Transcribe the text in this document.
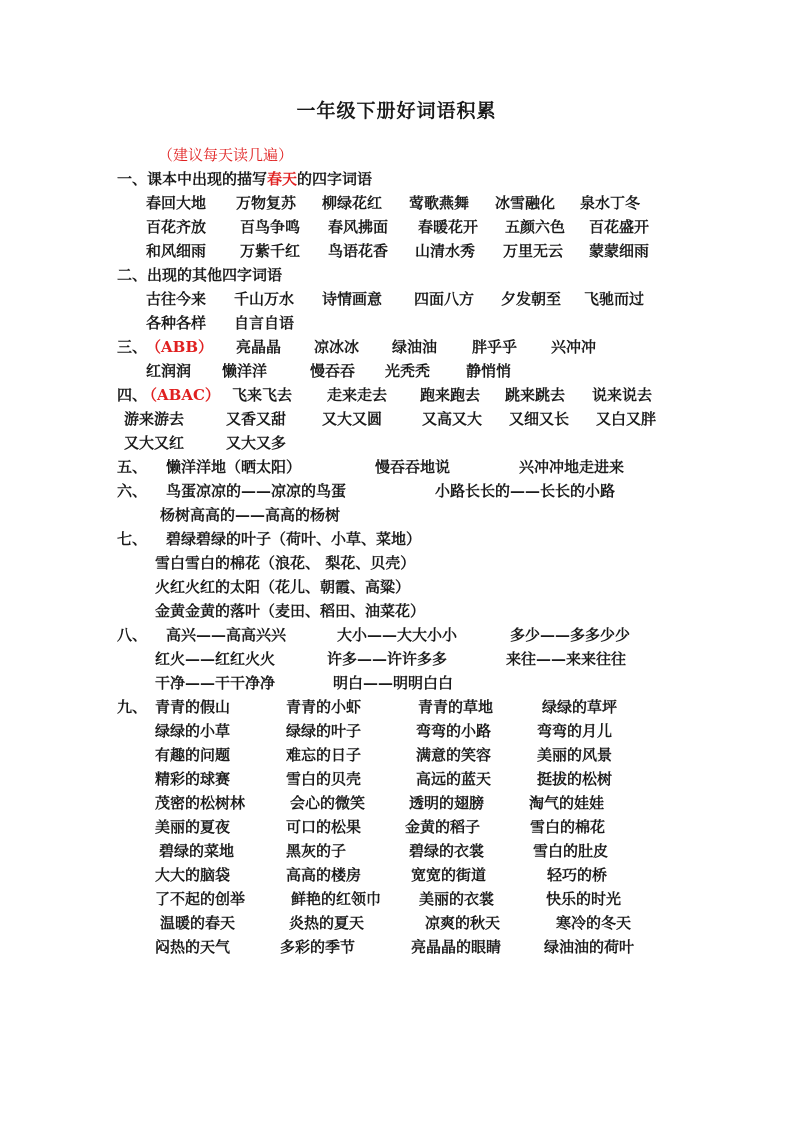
一年级下册好词语积累
（建议每天读几遍）
一、课本中出现的描写春天的四字词语
春回大地 万物复苏 柳绿花红 莺歌燕舞 冰雪融化 泉水丁冬
百花齐放 百鸟争鸣 春风拂面 春暖花开 五颜六色 百花盛开
和风细雨 万紫千红 鸟语花香 山清水秀 万里无云 蒙蒙细雨
二、出现的其他四字词语
古往今来 千山万水 诗情画意 四面八方 夕发朝至 飞驰而过
各种各样 自言自语
三、
（ABB） 亮晶晶 凉冰冰 绿油油 胖乎乎 兴冲冲
红润润 懒洋洋	慢吞吞 光秃秃 静悄悄
四、
（ABAC） 飞来飞去 走来走去 跑来跑去 跳来跳去 说来说去
游来游去	又香又甜 又大又圆	又高又大 又细又长 又白又胖
又大又红	又大又多
五、 懒洋洋地（晒太阳）	慢吞吞地说	兴冲冲地走进来
六、 鸟蛋凉凉的——凉凉的鸟蛋	小路长长的——长长的小路
杨树高高的——高高的杨树
七、 碧绿碧绿的叶子（荷叶、小草、菜地）
雪白雪白的棉花（浪花、 梨花、贝壳）
火红火红的太阳（花儿、朝霞、高粱）
金黄金黄的落叶（麦田、稻田、油菜花）
八、 高兴——高高兴兴	大小——大大小小	多少——多多少少
红火——红红火火	许多——许许多多	来往——来来往往
干净——干干净净	明白——明明白白
九、 青青的假山	青青的小虾	青青的草地	绿绿的草坪
绿绿的小草	绿绿的叶子	弯弯的小路	弯弯的月儿
有趣的问题	难忘的日子	满意的笑容	美丽的风景
精彩的球赛	雪白的贝壳	高远的蓝天	挺拔的松树
茂密的松树林	会心的微笑	透明的翅膀	淘气的娃娃
美丽的夏夜	可口的松果	金黄的稻子	雪白的棉花
碧绿的菜地	黑灰的子	碧绿的衣裳	雪白的肚皮
大大的脑袋	高高的楼房	宽宽的街道	轻巧的桥
了不起的创举	鲜艳的红领巾	美丽的衣裳	快乐的时光
温暖的春天	炎热的夏天	凉爽的秋天	寒冷的冬天
闷热的天气	多彩的季节	亮晶晶的眼睛	绿油油的荷叶
